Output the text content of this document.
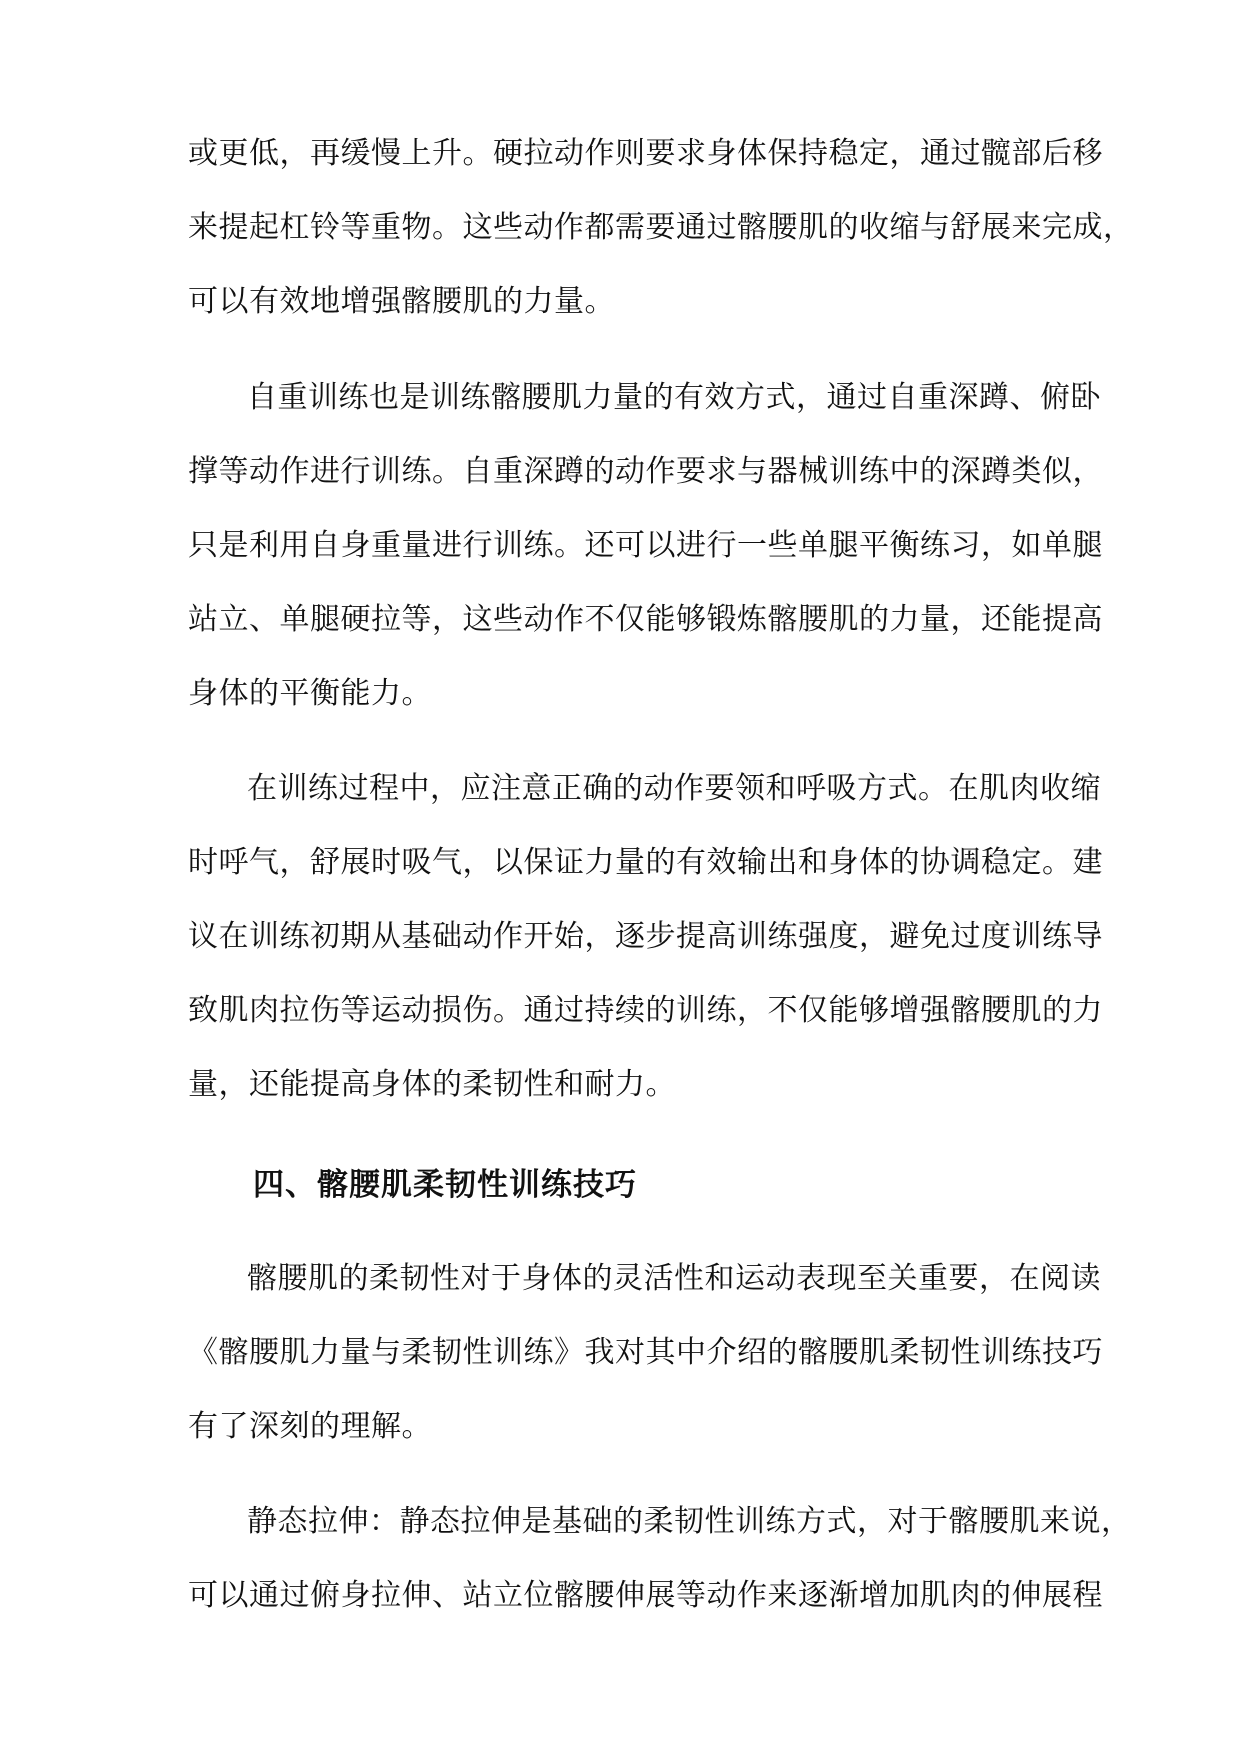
或更低，再缓慢上升。硬拉动作则要求身体保持稳定，通过髋部后移
来提起杠铃等重物。这些动作都需要通过髂腰肌的收缩与舒展来完成，
可以有效地增强髂腰肌的力量。
自重训练也是训练髂腰肌力量的有效方式，通过自重深蹲、俯卧
撑等动作进行训练。自重深蹲的动作要求与器械训练中的深蹲类似，
只是利用自身重量进行训练。还可以进行一些单腿平衡练习，如单腿
站立、单腿硬拉等，这些动作不仅能够锻炼髂腰肌的力量，还能提高
身体的平衡能力。
在训练过程中，应注意正确的动作要领和呼吸方式。在肌肉收缩
时呼气，舒展时吸气，以保证力量的有效输出和身体的协调稳定。建
议在训练初期从基础动作开始，逐步提高训练强度，避免过度训练导
致肌肉拉伤等运动损伤。通过持续的训练，不仅能够增强髂腰肌的力
量，还能提高身体的柔韧性和耐力。
四、髂腰肌柔韧性训练技巧
髂腰肌的柔韧性对于身体的灵活性和运动表现至关重要，在阅读
《髂腰肌力量与柔韧性训练》我对其中介绍的髂腰肌柔韧性训练技巧
有了深刻的理解。
静态拉伸：静态拉伸是基础的柔韧性训练方式，对于髂腰肌来说，
可以通过俯身拉伸、站立位髂腰伸展等动作来逐渐增加肌肉的伸展程
